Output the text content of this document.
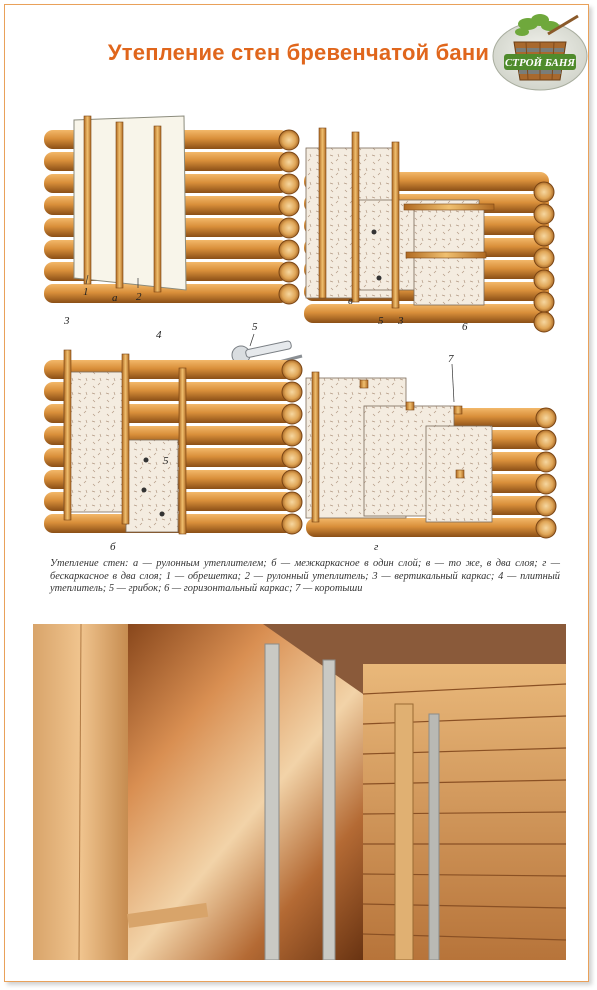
Утепление стен бревенчатой бани	СТРОЙ БАНЯ
1	2
а	в
5 3	6
5
3
4
5
б
7
г
Утепление стен: а — рулонным утеплителем; б — межкаркасное в один слой; в — то же, в два слоя; г — бескаркасное в два слоя; 1 — обрешетка; 2 — рулонный утеплитель; 3 — вертикальный каркас; 4 — плитный утеплитель; 5 — грибок; 6 — горизонтальный каркас; 7 — коротыши
